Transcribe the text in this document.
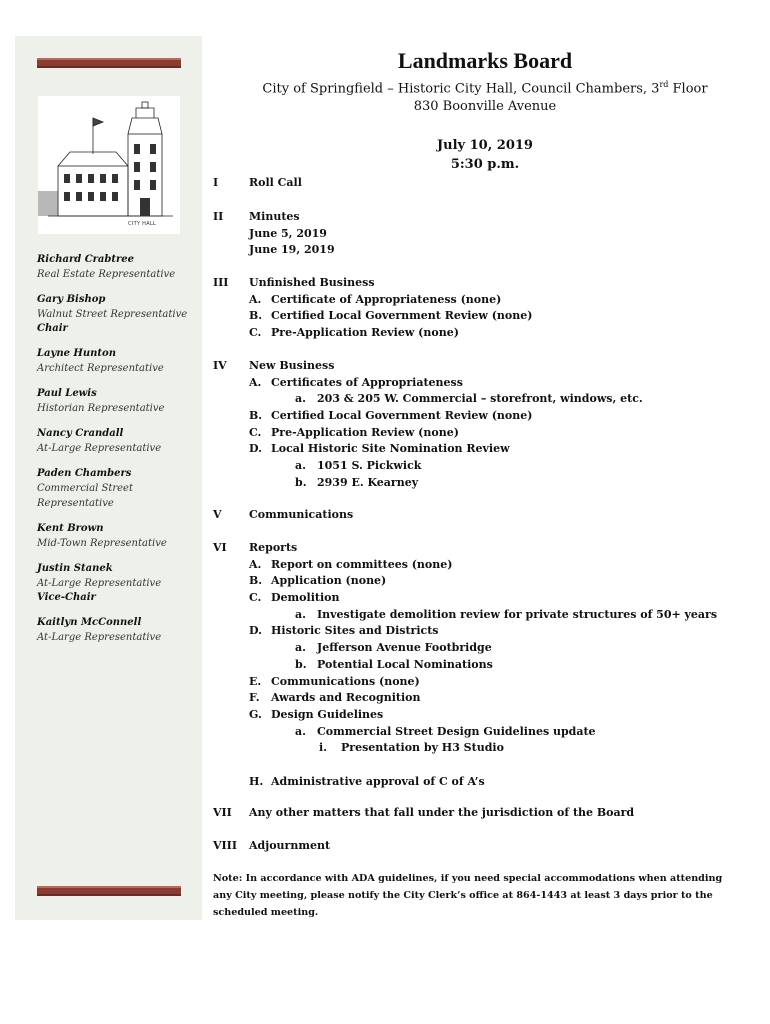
CITY HALL
Richard Crabtree
Real Estate Representative
Gary Bishop
Walnut Street Representative
Chair
Layne Hunton
Architect Representative
Paul Lewis
Historian Representative
Nancy Crandall
At-Large Representative
Paden Chambers
Commercial Street Representative
Kent Brown
Mid-Town Representative
Justin Stanek
At-Large Representative
Vice-Chair
Kaitlyn McConnell
At-Large Representative
Landmarks Board
City of Springfield – Historic City Hall, Council Chambers, 3rd Floor
830 Boonville Avenue
July 10, 2019
5:30 p.m.
I	Roll Call
II	Minutes
June 5, 2019
June 19, 2019
III	Unfinished Business
A. Certificate of Appropriateness (none)
B. Certified Local Government Review (none)
C. Pre-Application Review (none)
IV	New Business
A. Certificates of Appropriateness
a. 203 & 205 W. Commercial – storefront, windows, etc.
B. Certified Local Government Review (none)
C. Pre-Application Review (none)
D. Local Historic Site Nomination Review
a. 1051 S. Pickwick
b. 2939 E. Kearney
V	Communications
VI	Reports
A. Report on committees (none)
B. Application (none)
C. Demolition
a. Investigate demolition review for private structures of 50+ years
D. Historic Sites and Districts
a. Jefferson Avenue Footbridge
b. Potential Local Nominations
E. Communications (none)
F. Awards and Recognition
G. Design Guidelines
a. Commercial Street Design Guidelines update
i. Presentation by H3 Studio
H. Administrative approval of C of A’s
VII	Any other matters that fall under the jurisdiction of the Board
VIII	Adjournment
Note: In accordance with ADA guidelines, if you need special accommodations when attending any City meeting, please notify the City Clerk’s office at 864-1443 at least 3 days prior to the scheduled meeting.
